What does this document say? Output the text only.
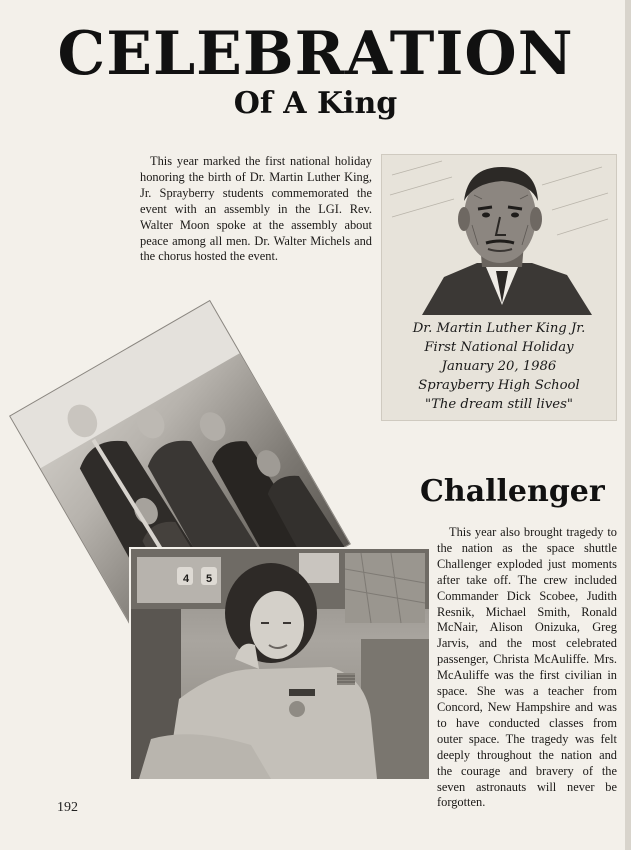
CELEBRATION
Of A King

This year marked the first national holiday honoring the birth of Dr. Martin Luther King, Jr. Sprayberry students commemorated the event with an assembly in the LGI. Rev. Walter Moon spoke at the assembly about peace among all men. Dr. Walter Michels and the chorus hosted the event.

Dr. Martin Luther King Jr.
First National Holiday
January 20, 1986
Sprayberry High School
"The dream still lives"
4 5
Challenger

This year also brought tragedy to the nation as the space shuttle Challenger exploded just moments after take off. The crew included Commander Dick Scobee, Judith Resnik, Michael Smith, Ronald McNair, Alison Onizuka, Greg Jarvis, and the most celebrated passenger, Christa McAuliffe. Mrs. McAuliffe was the first civilian in space. She was a teacher from Concord, New Hampshire and was to have conducted classes from outer space. The tragedy was felt deeply throughout the nation and the courage and bravery of the seven astronauts will never be forgotten.

192
